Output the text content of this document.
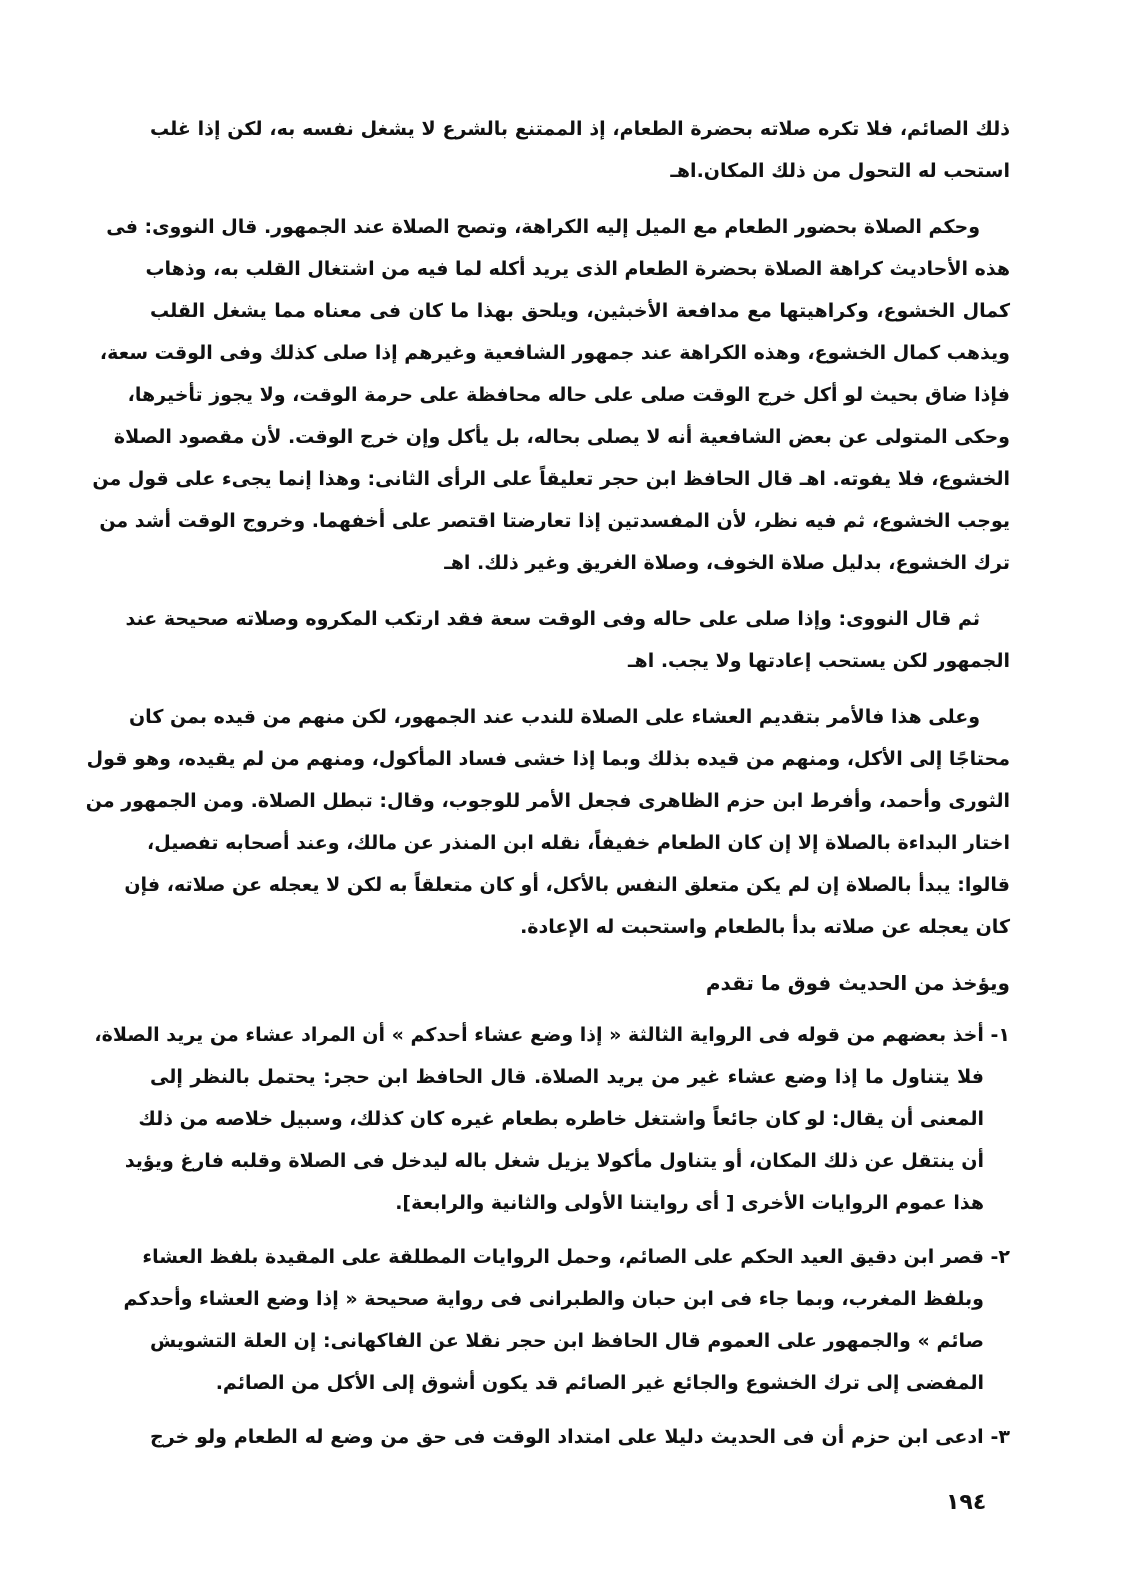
ذلك الصائم، فلا تكره صلاته بحضرة الطعام، إذ الممتنع بالشرع لا يشغل نفسه به، لكن إذا غلب
استحب له التحول من ذلك المكان.اهـ
وحكم الصلاة بحضور الطعام مع الميل إليه الكراهة، وتصح الصلاة عند الجمهور. قال النووى: فى
هذه الأحاديث كراهة الصلاة بحضرة الطعام الذى يريد أكله لما فيه من اشتغال القلب به، وذهاب
كمال الخشوع، وكراهيتها مع مدافعة الأخبثين، ويلحق بهذا ما كان فى معناه مما يشغل القلب
ويذهب كمال الخشوع، وهذه الكراهة عند جمهور الشافعية وغيرهم إذا صلى كذلك وفى الوقت سعة،
فإذا ضاق بحيث لو أكل خرج الوقت صلى على حاله محافظة على حرمة الوقت، ولا يجوز تأخيرها،
وحكى المتولى عن بعض الشافعية أنه لا يصلى بحاله، بل يأكل وإن خرج الوقت. لأن مقصود الصلاة
الخشوع، فلا يفوته. اهـ قال الحافظ ابن حجر تعليقاً على الرأى الثانى: وهذا إنما يجىء على قول من
يوجب الخشوع، ثم فيه نظر، لأن المفسدتين إذا تعارضتا اقتصر على أخفهما. وخروج الوقت أشد من
ترك الخشوع، بدليل صلاة الخوف، وصلاة الغريق وغير ذلك. اهـ
ثم قال النووى: وإذا صلى على حاله وفى الوقت سعة فقد ارتكب المكروه وصلاته صحيحة عند
الجمهور لكن يستحب إعادتها ولا يجب. اهـ
وعلى هذا فالأمر بتقديم العشاء على الصلاة للندب عند الجمهور، لكن منهم من قيده بمن كان
محتاجًا إلى الأكل، ومنهم من قيده بذلك وبما إذا خشى فساد المأكول، ومنهم من لم يقيده، وهو قول
الثورى وأحمد، وأفرط ابن حزم الظاهرى فجعل الأمر للوجوب، وقال: تبطل الصلاة. ومن الجمهور من
اختار البداءة بالصلاة إلا إن كان الطعام خفيفاً، نقله ابن المنذر عن مالك، وعند أصحابه تفصيل،
قالوا: يبدأ بالصلاة إن لم يكن متعلق النفس بالأكل، أو كان متعلقاً به لكن لا يعجله عن صلاته، فإن
كان يعجله عن صلاته بدأ بالطعام واستحبت له الإعادة.
ويؤخذ من الحديث فوق ما تقدم
١- أخذ بعضهم من قوله فى الرواية الثالثة « إذا وضع عشاء أحدكم » أن المراد عشاء من يريد الصلاة،
فلا يتناول ما إذا وضع عشاء غير من يريد الصلاة. قال الحافظ ابن حجر: يحتمل بالنظر إلى
المعنى أن يقال: لو كان جائعاً واشتغل خاطره بطعام غيره كان كذلك، وسبيل خلاصه من ذلك
أن ينتقل عن ذلك المكان، أو يتناول مأكولا يزيل شغل باله ليدخل فى الصلاة وقلبه فارغ ويؤيد
هذا عموم الروايات الأخرى [ أى روايتنا الأولى والثانية والرابعة].
٢- قصر ابن دقيق العيد الحكم على الصائم، وحمل الروايات المطلقة على المقيدة بلفظ العشاء
وبلفظ المغرب، وبما جاء فى ابن حبان والطبرانى فى رواية صحيحة « إذا وضع العشاء وأحدكم
صائم » والجمهور على العموم قال الحافظ ابن حجر نقلا عن الفاكهانى: إن العلة التشويش
المفضى إلى ترك الخشوع والجائع غير الصائم قد يكون أشوق إلى الأكل من الصائم.
٣- ادعى ابن حزم أن فى الحديث دليلا على امتداد الوقت فى حق من وضع له الطعام ولو خرج
١٩٤
